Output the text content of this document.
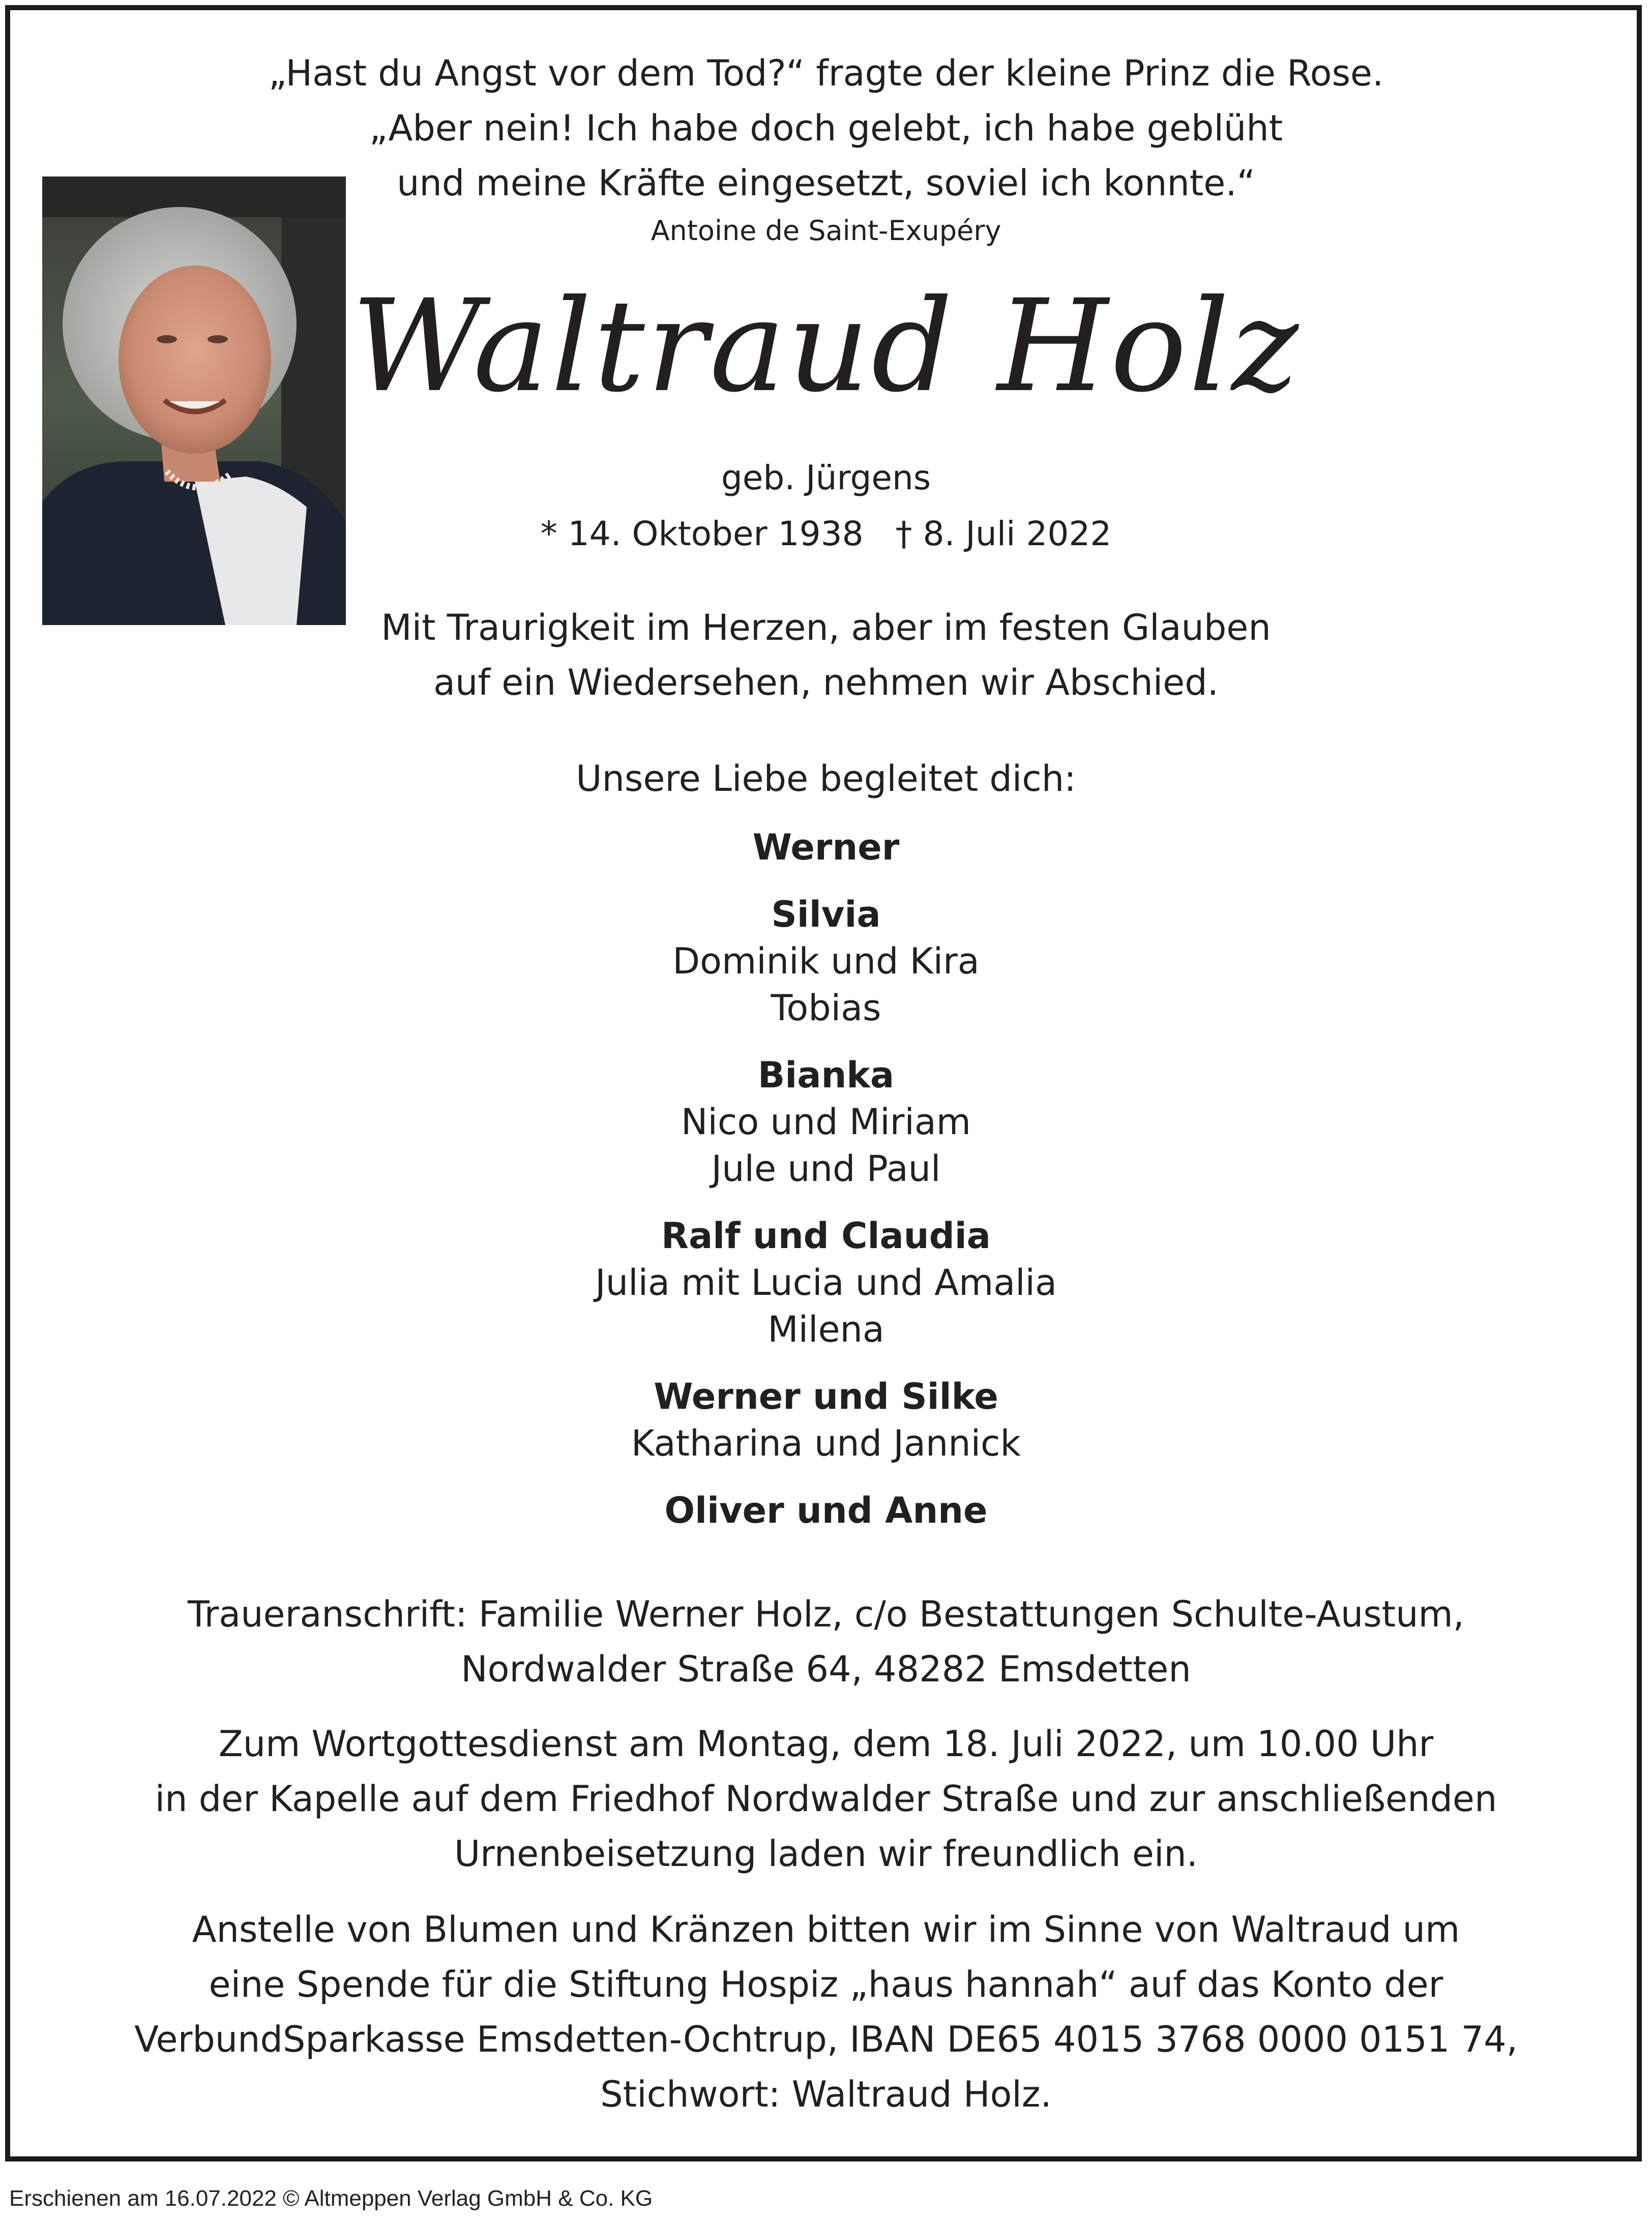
„Hast du Angst vor dem Tod?“ fragte der kleine Prinz die Rose.
„Aber nein! Ich habe doch gelebt, ich habe geblüht
und meine Kräfte eingesetzt, soviel ich konnte.“
Antoine de Saint-Exupéry
Waltraud Holz
geb. Jürgens
* 14. Oktober 1938   † 8. Juli 2022
Mit Traurigkeit im Herzen, aber im festen Glauben
auf ein Wiedersehen, nehmen wir Abschied.
Unsere Liebe begleitet dich:
Werner
Silvia
Dominik und Kira
Tobias
Bianka
Nico und Miriam
Jule und Paul
Ralf und Claudia
Julia mit Lucia und Amalia
Milena
Werner und Silke
Katharina und Jannick
Oliver und Anne
Traueranschrift: Familie Werner Holz, c/o Bestattungen Schulte-Austum,
Nordwalder Straße 64, 48282 Emsdetten
Zum Wortgottesdienst am Montag, dem 18. Juli 2022, um 10.00 Uhr
in der Kapelle auf dem Friedhof Nordwalder Straße und zur anschließenden
Urnenbeisetzung laden wir freundlich ein.
Anstelle von Blumen und Kränzen bitten wir im Sinne von Waltraud um
eine Spende für die Stiftung Hospiz „haus hannah“ auf das Konto der
VerbundSparkasse Emsdetten-Ochtrup, IBAN DE65 4015 3768 0000 0151 74,
Stichwort: Waltraud Holz.
Erschienen am 16.07.2022 © Altmeppen Verlag GmbH & Co. KG
